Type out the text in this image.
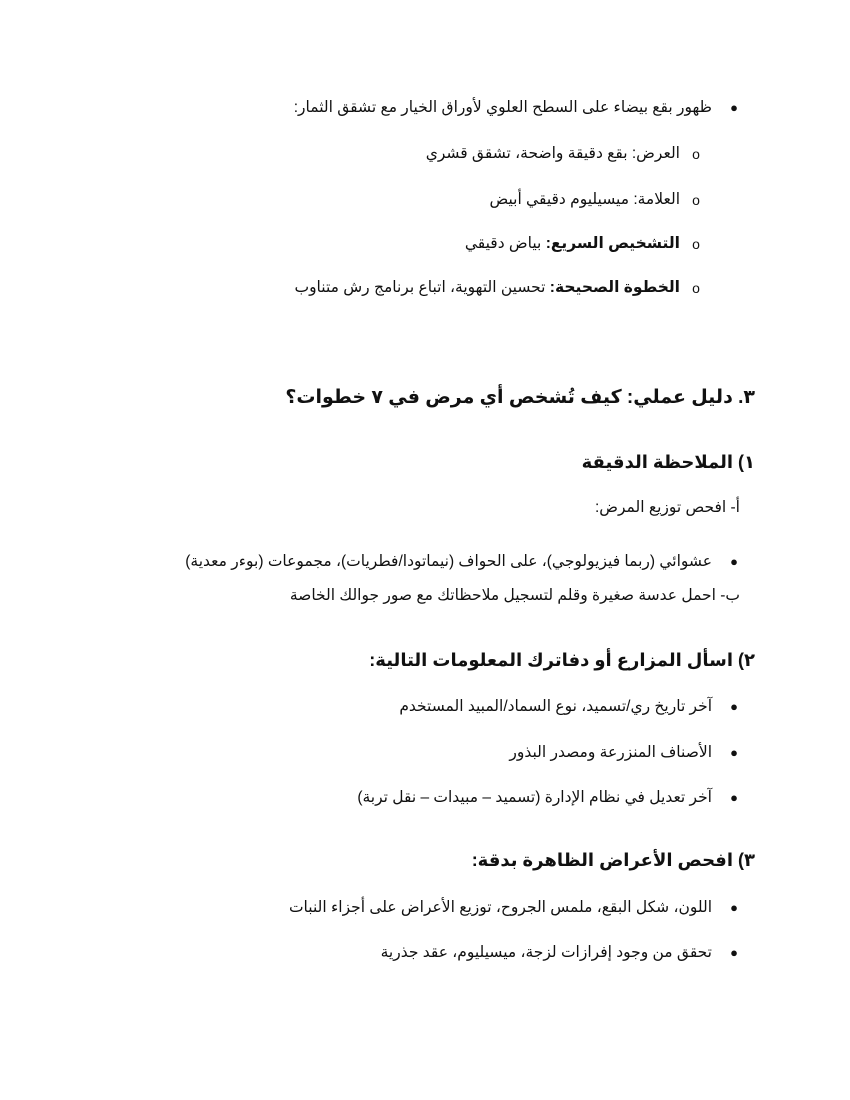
●
ظهور بقع بيضاء على السطح العلوي لأوراق الخيار مع تشقق الثمار:
o
العرض: بقع دقيقة واضحة، تشقق قشري
o
العلامة: ميسيليوم دقيقي أبيض
o
التشخيص السريع: بياض دقيقي
o
الخطوة الصحيحة: تحسين التهوية، اتباع برنامج رش متناوب
٣. دليل عملي: كيف تُشخص أي مرض في ٧ خطوات؟
١) الملاحظة الدقيقة
أ- افحص توزيع المرض:
●
عشوائي (ربما فيزيولوجي)، على الحواف (نيماتودا/فطريات)، مجموعات (بوءر معدية)
ب- احمل عدسة صغيرة وقلم لتسجيل ملاحظاتك مع صور جوالك الخاصة
٢) اسأل المزارع أو دفاترك المعلومات التالية:
●
آخر تاريخ ري/تسميد، نوع السماد/المبيد المستخدم
●
الأصناف المنزرعة ومصدر البذور
●
آخر تعديل في نظام الإدارة (تسميد – مبيدات – نقل تربة)
٣) افحص الأعراض الظاهرة بدقة:
●
اللون، شكل البقع، ملمس الجروح، توزيع الأعراض على أجزاء النبات
●
تحقق من وجود إفرازات لزجة، ميسيليوم، عقد جذرية
